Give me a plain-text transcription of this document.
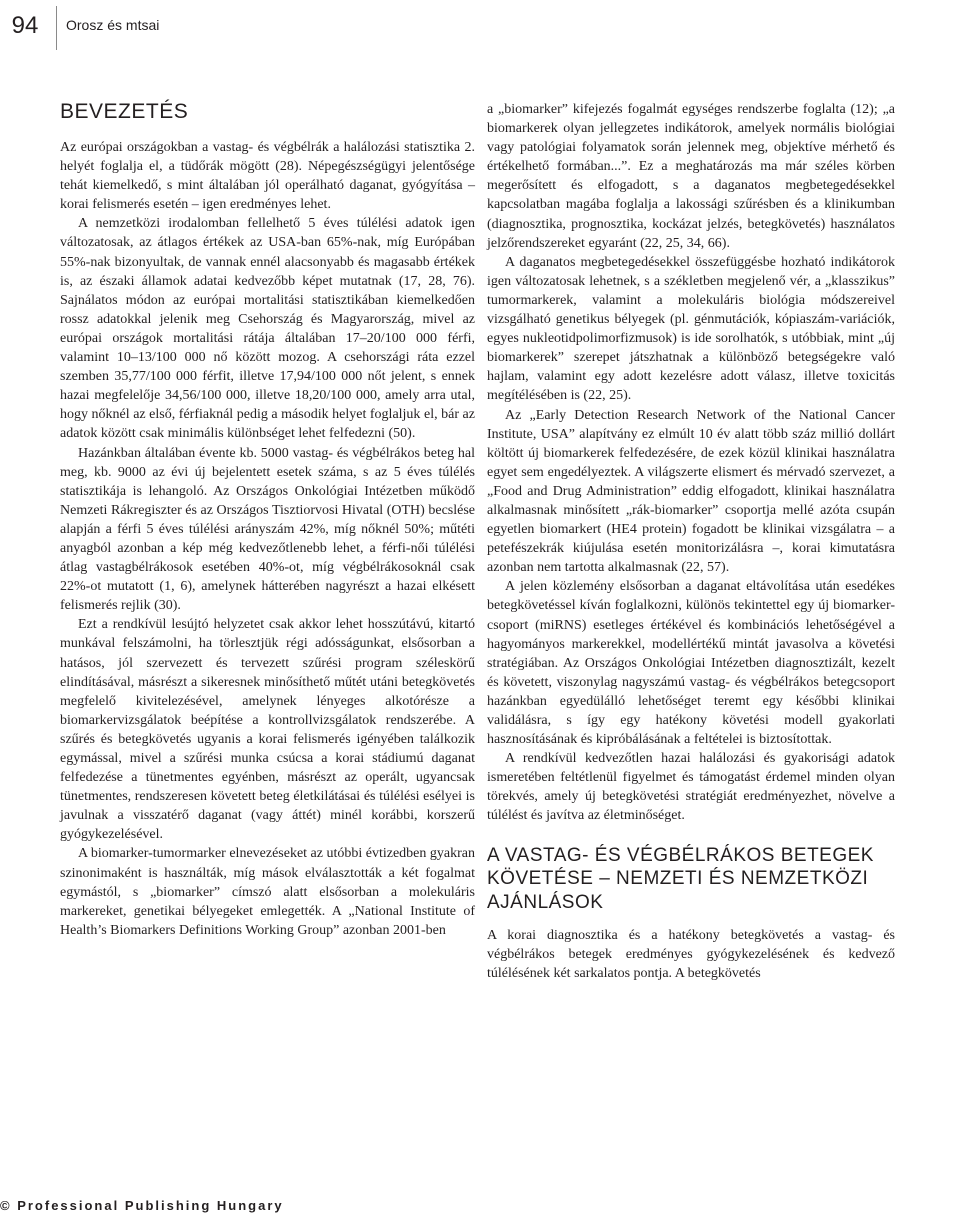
94	Orosz és mtsai
BEVEZETÉS

Az európai országokban a vastag- és végbélrák a halálozási statisztika 2. helyét foglalja el, a tüdőrák mögött (28). Népegészségügyi jelentősége tehát kiemelkedő, s mint általában jól operálható daganat, gyógyítása – korai felismerés esetén – igen eredményes lehet.

A nemzetközi irodalomban fellelhető 5 éves túlélési adatok igen változatosak, az átlagos értékek az USA-ban 65%-nak, míg Európában 55%-nak bizonyultak, de vannak ennél alacsonyabb és magasabb értékek is, az északi államok adatai kedvezőbb képet mutatnak (17, 28, 76). Sajnálatos módon az európai mortalitási statisztikában kiemelkedően rossz adatokkal jelenik meg Csehország és Magyarország, mivel az európai országok mortalitási rátája általában 17–20/100 000 férfi, valamint 10–13/100 000 nő között mozog. A csehországi ráta ezzel szemben 35,77/100 000 férfit, illetve 17,94/100 000 nőt jelent, s ennek hazai megfelelője 34,56/100 000, illetve 18,20/100 000, amely arra utal, hogy nőknél az első, férfiaknál pedig a második helyet foglaljuk el, bár az adatok között csak minimális különbséget lehet felfedezni (50).

Hazánkban általában évente kb. 5000 vastag- és végbélrákos beteg hal meg, kb. 9000 az évi új bejelentett esetek száma, s az 5 éves túlélés statisztikája is lehangoló. Az Országos Onkológiai Intézetben működő Nemzeti Rákregiszter és az Országos Tisztiorvosi Hivatal (OTH) becslése alapján a férfi 5 éves túlélési arányszám 42%, míg nőknél 50%; műtéti anyagból azonban a kép még kedvezőtlenebb lehet, a férfi-női túlélési átlag vastagbélrákosok esetében 40%-ot, míg végbélrákosoknál csak 22%-ot mutatott (1, 6), amelynek hátterében nagyrészt a hazai elkésett felismerés rejlik (30).

Ezt a rendkívül lesújtó helyzetet csak akkor lehet hosszútávú, kitartó munkával felszámolni, ha törlesztjük régi adósságunkat, elsősorban a hatásos, jól szervezett és tervezett szűrési program széleskörű elindításával, másrészt a sikeresnek minősíthető műtét utáni betegkövetés megfelelő kivitelezésével, amelynek lényeges alkotórésze a biomarkervizsgálatok beépítése a kontrollvizsgálatok rendszerébe. A szűrés és betegkövetés ugyanis a korai felismerés igényében találkozik egymással, mivel a szűrési munka csúcsa a korai stádiumú daganat felfedezése a tünetmentes egyénben, másrészt az operált, ugyancsak tünetmentes, rendszeresen követett beteg életkilátásai és túlélési esélyei is javulnak a visszatérő daganat (vagy áttét) minél korábbi, korszerű gyógykezelésével.

A biomarker-tumormarker elnevezéseket az utóbbi évtizedben gyakran szinonimaként is használták, míg mások elválasztották a két fogalmat egymástól, s „biomarker” címszó alatt elsősorban a molekuláris markereket, genetikai bélyegeket emlegették. A „National Institute of Health’s Biomarkers Definitions Working Group” azonban 2001-ben

a „biomarker” kifejezés fogalmát egységes rendszerbe foglalta (12); „a biomarkerek olyan jellegzetes indikátorok, amelyek normális biológiai vagy patológiai folyamatok során jelennek meg, objektíve mérhető és értékelhető formában...”. Ez a meghatározás ma már széles körben megerősített és elfogadott, s a daganatos megbetegedésekkel kapcsolatban magába foglalja a lakossági szűrésben és a klinikumban (diagnosztika, prognosztika, kockázat jelzés, betegkövetés) használatos jelzőrendszereket egyaránt (22, 25, 34, 66).

A daganatos megbetegedésekkel összefüggésbe hozható indikátorok igen változatosak lehetnek, s a székletben megjelenő vér, a „klasszikus” tumormarkerek, valamint a molekuláris biológia módszereivel vizsgálható genetikus bélyegek (pl. génmutációk, kópiaszám-variációk, egyes nukleotidpolimorfizmusok) is ide sorolhatók, s utóbbiak, mint „új biomarkerek” szerepet játszhatnak a különböző betegségekre való hajlam, valamint egy adott kezelésre adott válasz, illetve toxicitás megítélésében is (22, 25).

Az „Early Detection Research Network of the National Cancer Institute, USA” alapítvány ez elmúlt 10 év alatt több száz millió dollárt költött új biomarkerek felfedezésére, de ezek közül klinikai használatra egyet sem engedélyeztek. A világszerte elismert és mérvadó szervezet, a „Food and Drug Administration” eddig elfogadott, klinikai használatra alkalmasnak minősített „rák-biomarker” csoportja mellé azóta csupán egyetlen biomarkert (HE4 protein) fogadott be klinikai vizsgálatra – a petefészekrák kiújulása esetén monitorizálásra –, korai kimutatásra azonban nem tartotta alkalmasnak (22, 57).

A jelen közlemény elsősorban a daganat eltávolítása után esedékes betegkövetéssel kíván foglalkozni, különös tekintettel egy új biomarker-csoport (miRNS) esetleges értékével és kombinációs lehetőségével a hagyományos markerekkel, modellértékű mintát javasolva a követési stratégiában. Az Országos Onkológiai Intézetben diagnosztizált, kezelt és követett, viszonylag nagyszámú vastag- és végbélrákos betegcsoport hazánkban egyedülálló lehetőséget teremt egy későbbi klinikai validálásra, s így egy hatékony követési modell gyakorlati hasznosításának és kipróbálásának a feltételei is biztosítottak.

A rendkívül kedvezőtlen hazai halálozási és gyakorisági adatok ismeretében feltétlenül figyelmet és támogatást érdemel minden olyan törekvés, amely új betegkövetési stratégiát eredményezhet, növelve a túlélést és javítva az életminőséget.

A VASTAG- ÉS VÉGBÉLRÁKOS BETEGEK KÖVETÉSE – NEMZETI ÉS NEMZETKÖZI AJÁNLÁSOK

A korai diagnosztika és a hatékony betegkövetés a vastag- és végbélrákos betegek eredményes gyógykezelésének és kedvező túlélésének két sarkalatos pontja. A betegkövetés

© Professional Publishing Hungary
